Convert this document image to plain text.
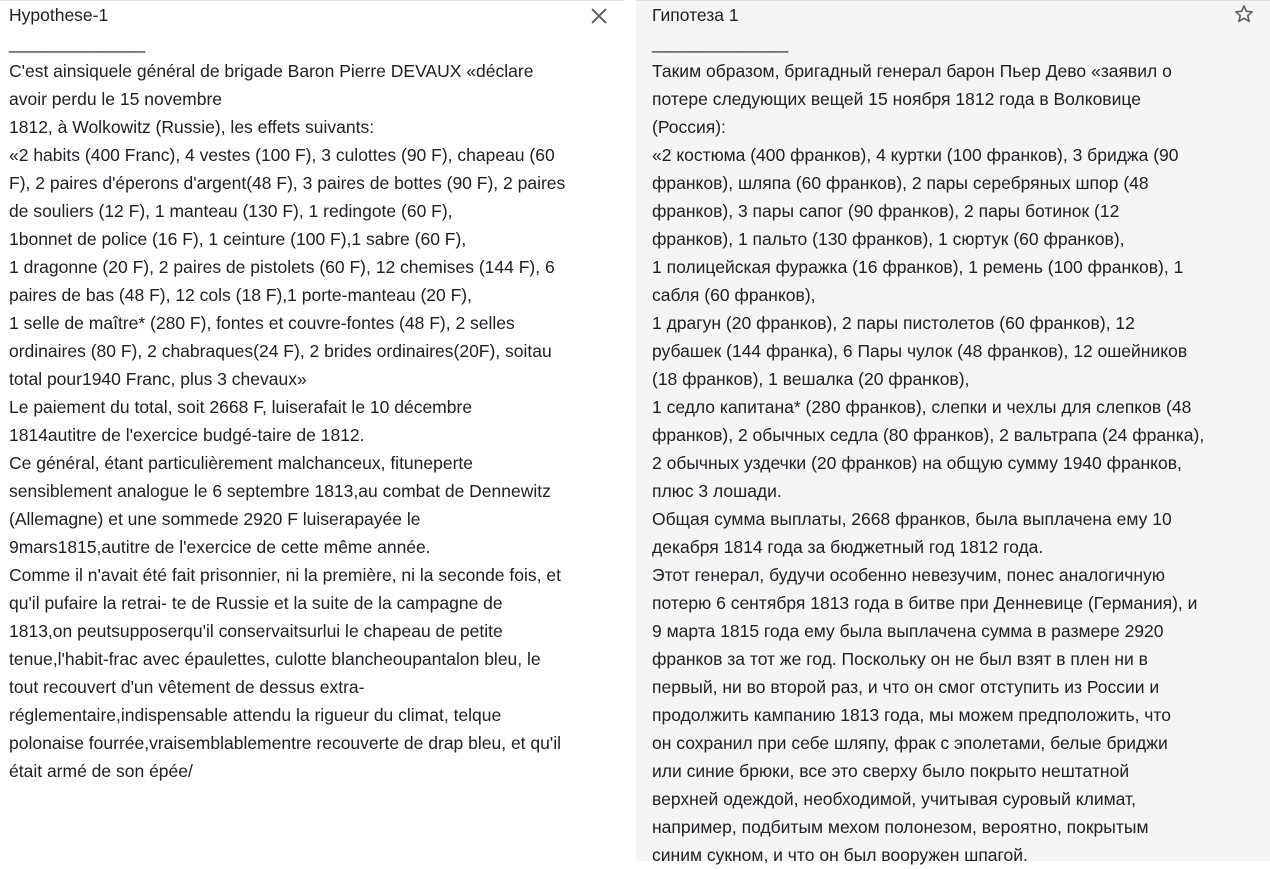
Hypothese-1
______________
C'est ainsiquele général de brigade Baron Pierre DEVAUX «déclare
avoir perdu le 15 novembre
1812, à Wolkowitz (Russie), les effets suivants:
«2 habits (400 Franc), 4 vestes (100 F), 3 culottes (90 F), chapeau (60
F), 2 paires d'éperons d'argent(48 F), 3 paires de bottes (90 F), 2 paires
de souliers (12 F), 1 manteau (130 F), 1 redingote (60 F),
1bonnet de police (16 F), 1 ceinture (100 F),1 sabre (60 F),
1 dragonne (20 F), 2 paires de pistolets (60 F), 12 chemises (144 F), 6
paires de bas (48 F), 12 cols (18 F),1 porte-manteau (20 F),
1 selle de maître* (280 F), fontes et couvre-fontes (48 F), 2 selles
ordinaires (80 F), 2 chabraques(24 F), 2 brides ordinaires(20F), soitau
total pour1940 Franc, plus 3 chevaux»
Le paiement du total, soit 2668 F, luiserafait le 10 décembre
1814autitre de l'exercice budgé-taire de 1812.
Ce général, étant particulièrement malchanceux, fituneperte
sensiblement analogue le 6 septembre 1813,au combat de Dennewitz
(Allemagne) et une sommede 2920 F luiserapayée le
9mars1815,autitre de l'exercice de cette même année.
Comme il n'avait été fait prisonnier, ni la première, ni la seconde fois, et
qu'il pufaire la retrai- te de Russie et la suite de la campagne de
1813,on peutsupposerqu'il conservaitsurlui le chapeau de petite
tenue,l'habit-frac avec épaulettes, culotte blancheoupantalon bleu, le
tout recouvert d'un vêtement de dessus extra-
réglementaire,indispensable attendu la rigueur du climat, telque
polonaise fourrée,vraisemblablementre recouverte de drap bleu, et qu'il
était armé de son épée/
Гипотеза 1
______________
Таким образом, бригадный генерал барон Пьер Дево «заявил о
потере следующих вещей 15 ноября 1812 года в Волковице
(Россия):
«2 костюма (400 франков), 4 куртки (100 франков), 3 бриджа (90
франков), шляпа (60 франков), 2 пары серебряных шпор (48
франков), 3 пары сапог (90 франков), 2 пары ботинок (12
франков), 1 пальто (130 франков), 1 сюртук (60 франков),
1 полицейская фуражка (16 франков), 1 ремень (100 франков), 1
сабля (60 франков),
1 драгун (20 франков), 2 пары пистолетов (60 франков), 12
рубашек (144 франка), 6 Пары чулок (48 франков), 12 ошейников
(18 франков), 1 вешалка (20 франков),
1 седло капитана* (280 франков), слепки и чехлы для слепков (48
франков), 2 обычных седла (80 франков), 2 вальтрапа (24 франка),
2 обычных уздечки (20 франков) на общую сумму 1940 франков,
плюс 3 лошади.
Общая сумма выплаты, 2668 франков, была выплачена ему 10
декабря 1814 года за бюджетный год 1812 года.
Этот генерал, будучи особенно невезучим, понес аналогичную
потерю 6 сентября 1813 года в битве при Денневице (Германия), и
9 марта 1815 года ему была выплачена сумма в размере 2920
франков за тот же год. Поскольку он не был взят в плен ни в
первый, ни во второй раз, и что он смог отступить из России и
продолжить кампанию 1813 года, мы можем предположить, что
он сохранил при себе шляпу, фрак с эполетами, белые бриджи
или синие брюки, все это сверху было покрыто нештатной
верхней одеждой, необходимой, учитывая суровый климат,
например, подбитым мехом полонезом, вероятно, покрытым
синим сукном, и что он был вооружен шпагой.
